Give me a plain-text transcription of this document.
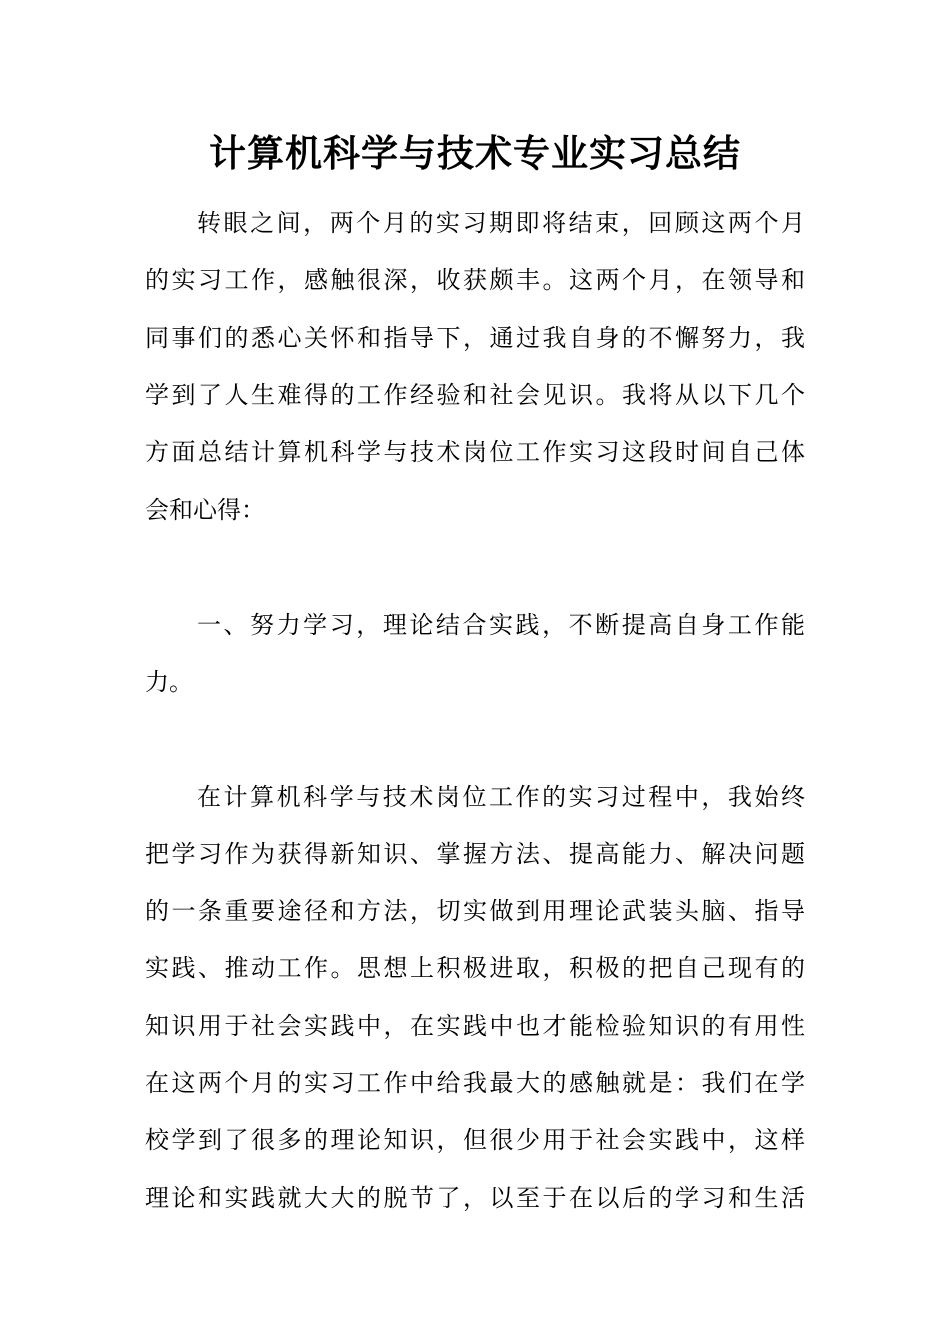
计算机科学与技术专业实习总结
转眼之间，两个月的实习期即将结束，回顾这两个月
的实习工作，感触很深，收获颇丰。这两个月，在领导和
同事们的悉心关怀和指导下，通过我自身的不懈努力，我
学到了人生难得的工作经验和社会见识。我将从以下几个
方面总结计算机科学与技术岗位工作实习这段时间自己体
会和心得：
一、努力学习，理论结合实践，不断提高自身工作能
力。
在计算机科学与技术岗位工作的实习过程中，我始终
把学习作为获得新知识、掌握方法、提高能力、解决问题
的一条重要途径和方法，切实做到用理论武装头脑、指导
实践、推动工作。思想上积极进取，积极的把自己现有的
知识用于社会实践中，在实践中也才能检验知识的有用性
在这两个月的实习工作中给我最大的感触就是：我们在学
校学到了很多的理论知识，但很少用于社会实践中，这样
理论和实践就大大的脱节了，以至于在以后的学习和生活
